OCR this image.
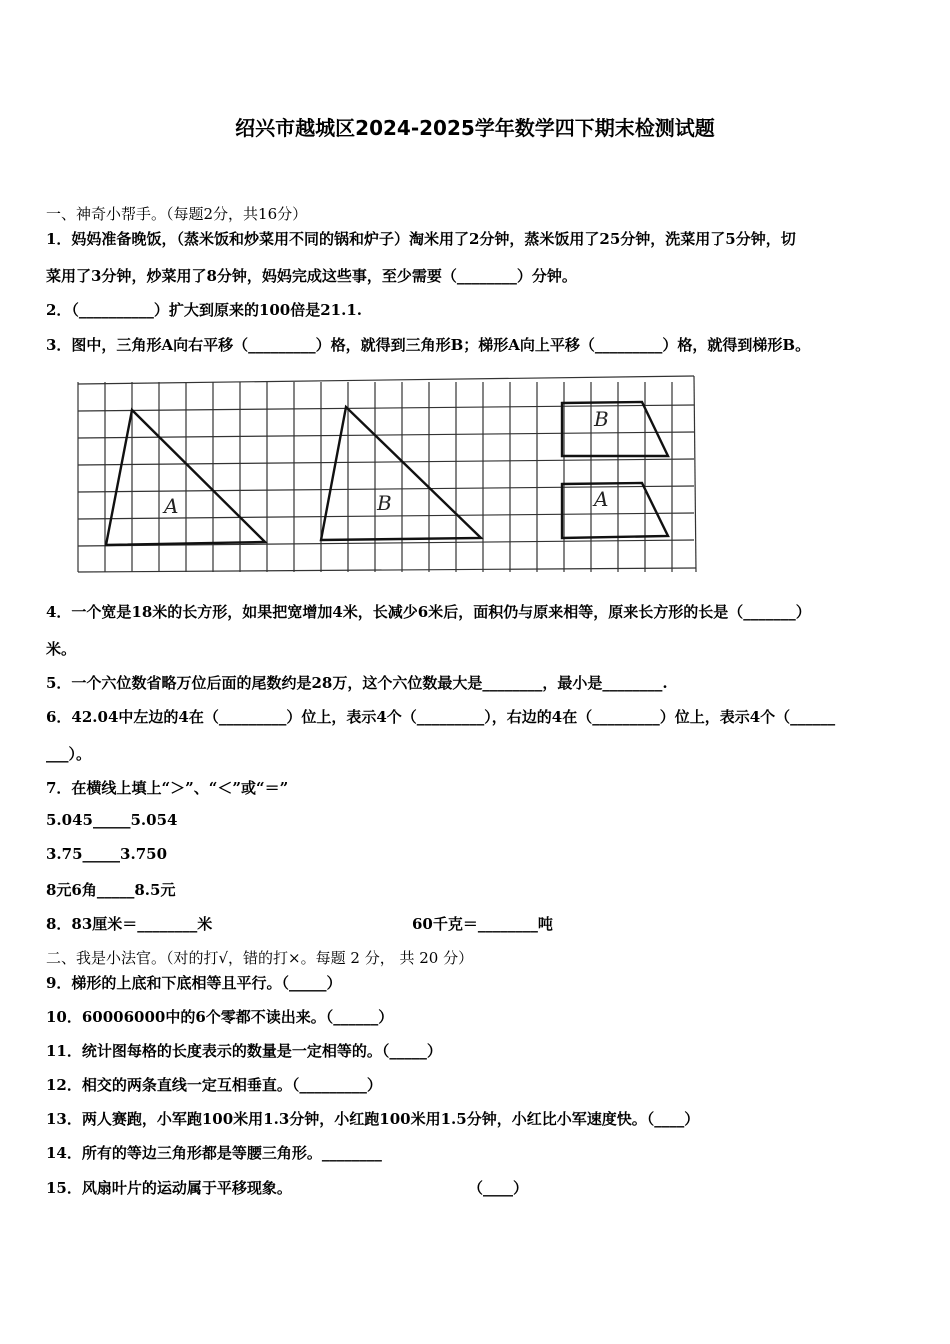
绍兴市越城区2024-2025学年数学四下期末检测试题
一、神奇小帮手。（每题2分，共16分）
1．妈妈准备晚饭，（蒸米饭和炒菜用不同的锅和炉子）淘米用了2分钟，蒸米饭用了25分钟，洗菜用了5分钟，切
菜用了3分钟，炒菜用了8分钟，妈妈完成这些事，至少需要（________）分钟。
2．（__________）扩大到原来的100倍是21.1.
3．图中，三角形A向右平移（_________）格，就得到三角形B；梯形A向上平移（_________）格，就得到梯形B。
A	B
B
A
4．一个宽是18米的长方形，如果把宽增加4米，长减少6米后，面积仍与原来相等，原来长方形的长是（_______）
米。
5．一个六位数省略万位后面的尾数约是28万，这个六位数最大是________，最小是________.
6．42.04中左边的4在（_________）位上，表示4个（_________），右边的4在（_________）位上，表示4个（______
___）。
7．在横线上填上“＞”、“＜”或“＝”
5.045_____5.054
3.75_____3.750
8元6角_____8.5元
8．83厘米＝________米	60千克＝________吨
二、我是小法官。（对的打√，错的打×。每题 2 分， 共 20 分）
9．梯形的上底和下底相等且平行。（_____）
10．60006000中的6个零都不读出来。（______）
11．统计图每格的长度表示的数量是一定相等的。（_____）
12．相交的两条直线一定互相垂直。（_________）
13．两人赛跑，小军跑100米用1.3分钟，小红跑100米用1.5分钟，小红比小军速度快。（____）
14．所有的等边三角形都是等腰三角形。________
15．风扇叶片的运动属于平移现象。	（____）
